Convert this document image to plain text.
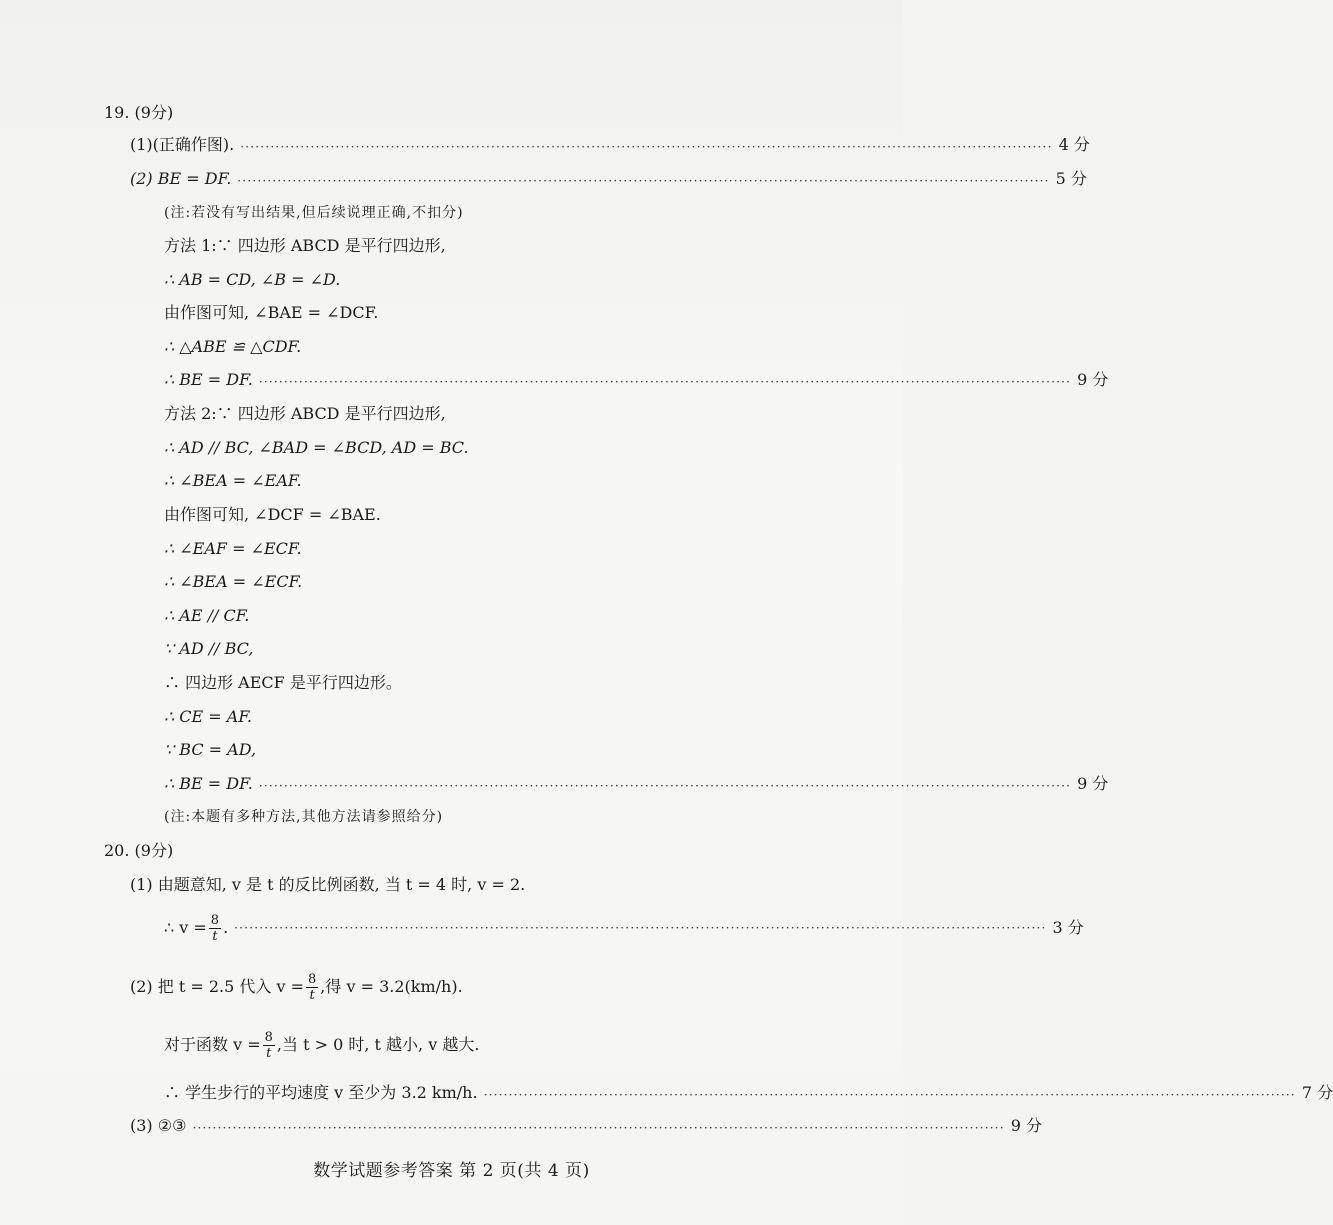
19. (9分)
(1)(正确作图). ·································································································································································· 4 分
(2) BE = DF. ·································································································································································· 5 分
(注:若没有写出结果,但后续说理正确,不扣分)
方法 1:∵ 四边形 ABCD 是平行四边形,
∴ AB = CD, ∠B = ∠D.
由作图可知, ∠BAE = ∠DCF.
∴ △ABE ≌ △CDF.
∴ BE = DF. ·································································································································································· 9 分
方法 2:∵ 四边形 ABCD 是平行四边形,
∴ AD // BC, ∠BAD = ∠BCD, AD = BC.
∴ ∠BEA = ∠EAF.
由作图可知, ∠DCF = ∠BAE.
∴ ∠EAF = ∠ECF.
∴ ∠BEA = ∠ECF.
∴ AE // CF.
∵ AD // BC,
∴ 四边形 AECF 是平行四边形。
∴ CE = AF.
∵ BC = AD,
∴ BE = DF. ·································································································································································· 9 分
(注:本题有多种方法,其他方法请参照给分)
20. (9分)
(1) 由题意知, v 是 t 的反比例函数, 当 t = 4 时, v = 2.
∴ $v = \frac{8}{t}$ . ·································································································································································· 3 分
(2) 把 t = 2.5 代入 $v = \frac{8}{t}$ ,得 v = 3.2(km/h).
对于函数 $v = \frac{8}{t}$ ,当 t > 0 时, t 越小, v 越大.
∴ 学生步行的平均速度 v 至少为 3.2 km/h. ·································································································································································· 7 分
(3) ②③ ·································································································································································· 9 分
数学试题参考答案 第 2 页(共 4 页)
